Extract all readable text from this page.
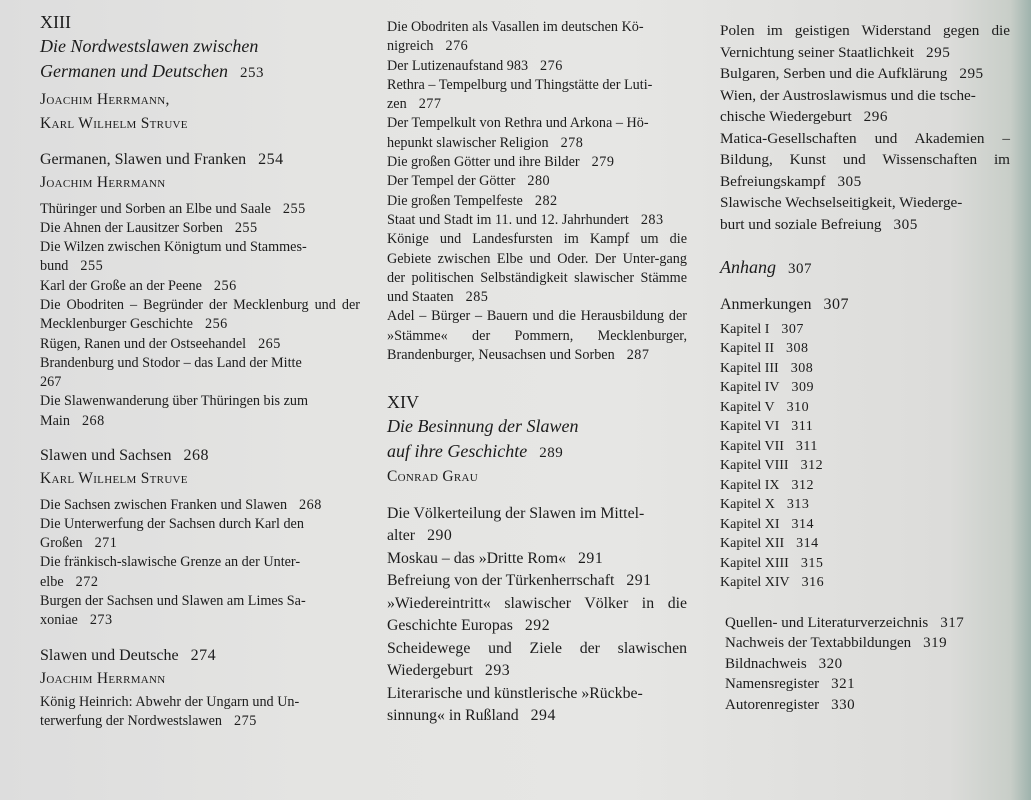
XIII
Die Nordwestslawen zwischen
Germanen und Deutschen 253
Joachim Herrmann,
Karl Wilhelm Struve
Germanen, Slawen und Franken 254
Joachim Herrmann
Thüringer und Sorben an Elbe und Saale 255
Die Ahnen der Lausitzer Sorben 255
Die Wilzen zwischen Königtum und Stammes-
bund 255
Karl der Große an der Peene 256
Die Obodriten – Begründer der Mecklenburg und der Mecklenburger Geschichte 256
Rügen, Ranen und der Ostseehandel 265
Brandenburg und Stodor – das Land der Mitte
267
Die Slawenwanderung über Thüringen bis zum Main 268
Slawen und Sachsen 268
Karl Wilhelm Struve
Die Sachsen zwischen Franken und Slawen 268
Die Unterwerfung der Sachsen durch Karl den Großen 271
Die fränkisch-slawische Grenze an der Unter-
elbe 272
Burgen der Sachsen und Slawen am Limes Sa-
xoniae 273
Slawen und Deutsche 274
Joachim Herrmann
König Heinrich: Abwehr der Ungarn und Un-
terwerfung der Nordwestslawen 275
Die Obodriten als Vasallen im deutschen Kö-
nigreich 276
Der Lutizenaufstand 983 276
Rethra – Tempelburg und Thingstätte der Luti-
zen 277
Der Tempelkult von Rethra und Arkona – Hö-
hepunkt slawischer Religion 278
Die großen Götter und ihre Bilder 279
Der Tempel der Götter 280
Die großen Tempelfeste 282
Staat und Stadt im 11. und 12. Jahrhundert 283
Könige und Landesfursten im Kampf um die Gebiete zwischen Elbe und Oder. Der Unter-gang der politischen Selbständigkeit slawischer Stämme und Staaten 285
Adel – Bürger – Bauern und die Herausbildung der »Stämme« der Pommern, Mecklenburger, Brandenburger, Neusachsen und Sorben 287
XIV
Die Besinnung der Slawen
auf ihre Geschichte 289
Conrad Grau
Die Völkerteilung der Slawen im Mittel-
alter 290
Moskau – das »Dritte Rom« 291
Befreiung von der Türkenherrschaft 291
»Wiedereintritt« slawischer Völker in die Geschichte Europas 292
Scheidewege und Ziele der slawischen Wiedergeburt 293
Literarische und künstlerische »Rückbe-
sinnung« in Rußland 294
Polen im geistigen Widerstand gegen die Vernichtung seiner Staatlichkeit 295
Bulgaren, Serben und die Aufklärung 295
Wien, der Austroslawismus und die tsche-
chische Wiedergeburt 296
Matica-Gesellschaften und Akademien – Bildung, Kunst und Wissenschaften im Befreiungskampf 305
Slawische Wechselseitigkeit, Wiederge-
burt und soziale Befreiung 305
Anhang 307
Anmerkungen 307
Kapitel I 307
Kapitel II 308
Kapitel III 308
Kapitel IV 309
Kapitel V 310
Kapitel VI 311
Kapitel VII 311
Kapitel VIII 312
Kapitel IX 312
Kapitel X 313
Kapitel XI 314
Kapitel XII 314
Kapitel XIII 315
Kapitel XIV 316
Quellen- und Literaturverzeichnis 317
Nachweis der Textabbildungen 319
Bildnachweis 320
Namensregister 321
Autorenregister 330
